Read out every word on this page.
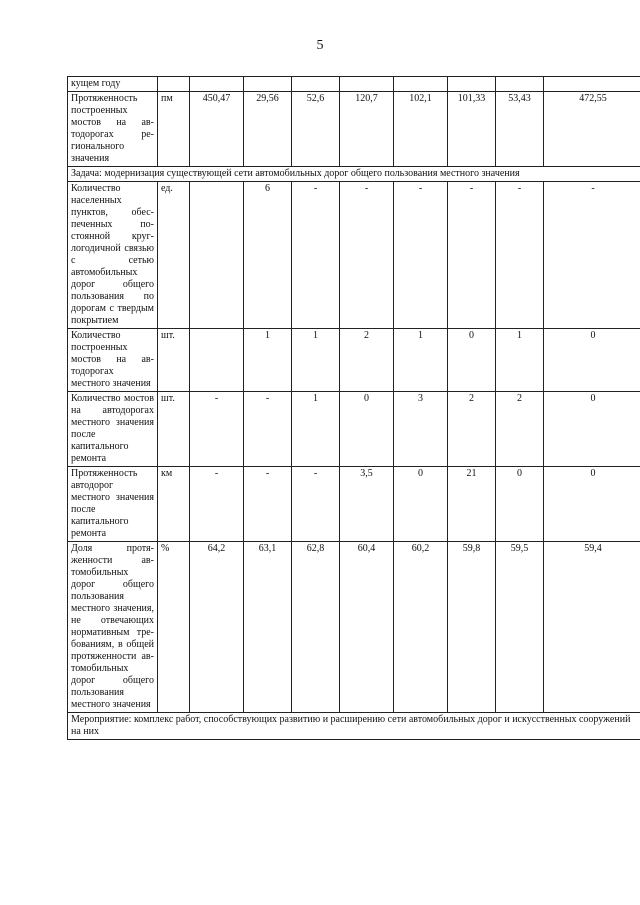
5
кущем году									
Протяженность построенных мостов на автодорогах регионального значения	пм	450,47	29,56	52,6	120,7	102,1	101,33	53,43	472,55
Задача: модернизация существующей сети автомобильных дорог общего пользования местного значения									
Количество населенных пунктов, обеспеченных постоянной круглогодичной связью с сетью автомобильных дорог общего пользования по дорогам с твердым покрытием	ед.		6	-	-	-	-	-	-
Количество построенных мостов на автодорогах местного значения	шт.		1	1	2	1	0	1	0
Количество мостов на автодорогах местного значения после капитального ремонта	шт.	-	-	1	0	3	2	2	0
Протяженность автодорог местного значения после капитального ремонта	км	-	-	-	3,5	0	21	0	0
Доля протяженности автомобильных дорог общего пользования местного значения, не отвечающих нормативным требованиям, в общей протяженности автомобильных дорог общего пользования местного значения	%	64,2	63,1	62,8	60,4	60,2	59,8	59,5	59,4
Мероприятие: комплекс работ, способствующих развитию и расширению сети автомобильных дорог и искусственных сооружений на них									
